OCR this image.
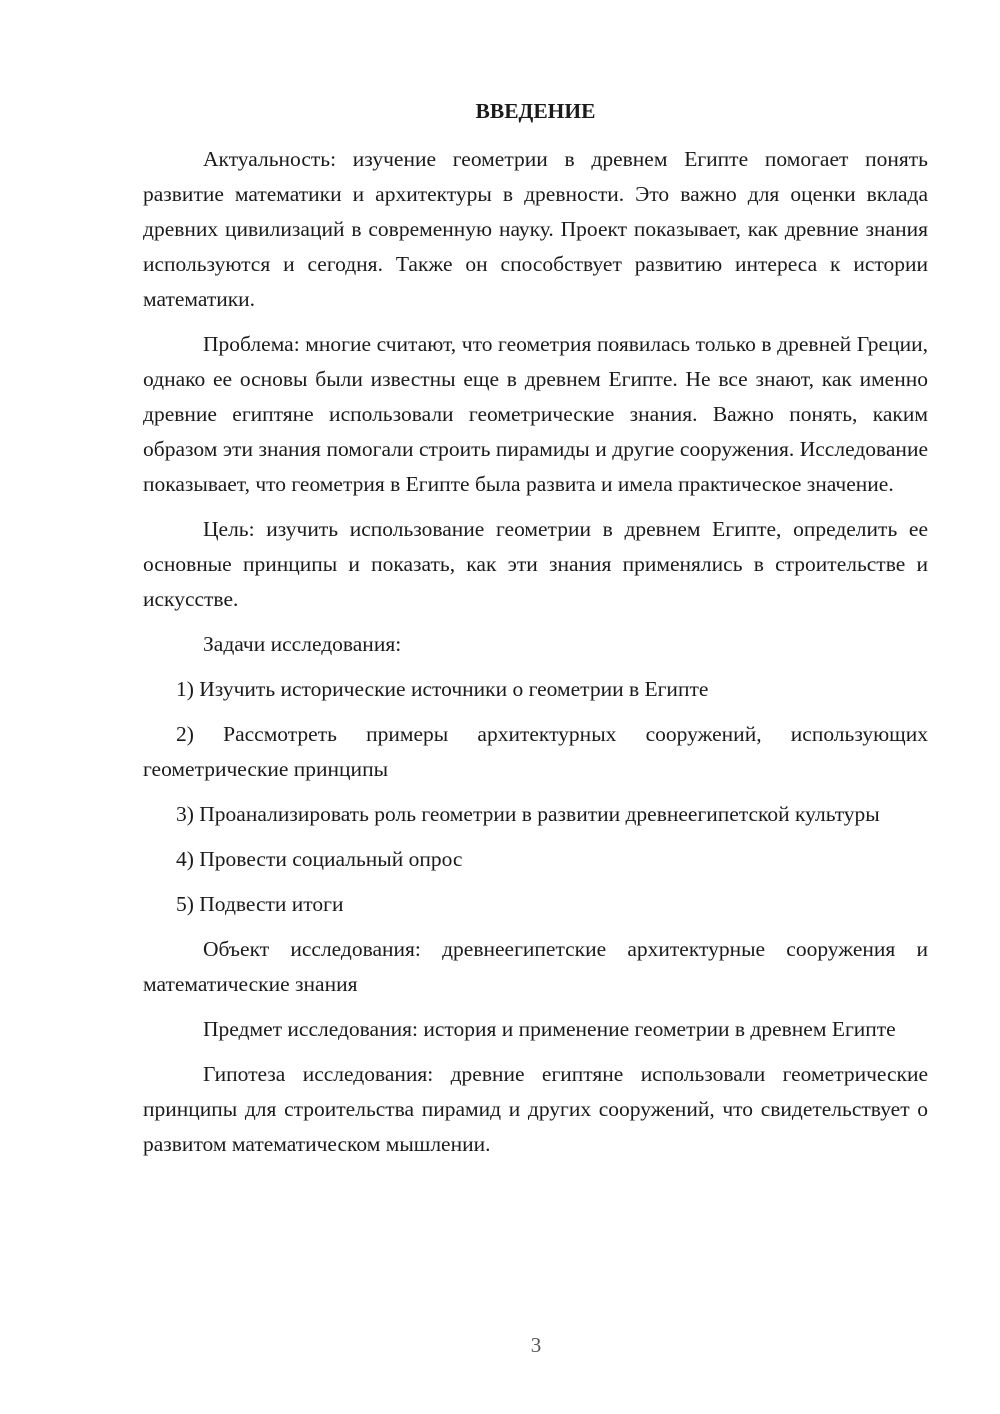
ВВЕДЕНИЕ

Актуальность: изучение геометрии в древнем Египте помогает понять развитие математики и архитектуры в древности. Это важно для оценки вклада древних цивилизаций в современную науку. Проект показывает, как древние знания используются и сегодня. Также он способствует развитию интереса к истории математики.

Проблема: многие считают, что геометрия появилась только в древней Греции, однако ее основы были известны еще в древнем Египте. Не все знают, как именно древние египтяне использовали геометрические знания. Важно понять, каким образом эти знания помогали строить пирамиды и другие сооружения. Исследование показывает, что геометрия в Египте была развита и имела практическое значение.

Цель: изучить использование геометрии в древнем Египте, определить ее основные принципы и показать, как эти знания применялись в строительстве и искусстве.

Задачи исследования:

1) Изучить исторические источники о геометрии в Египте

2) Рассмотреть примеры архитектурных сооружений, использующих геометрические принципы

3) Проанализировать роль геометрии в развитии древнеегипетской культуры

4) Провести социальный опрос

5) Подвести итоги

Объект исследования: древнеегипетские архитектурные сооружения и математические знания

Предмет исследования: история и применение геометрии в древнем Египте

Гипотеза исследования: древние египтяне использовали геометрические принципы для строительства пирамид и других сооружений, что свидетельствует о развитом математическом мышлении.

3
